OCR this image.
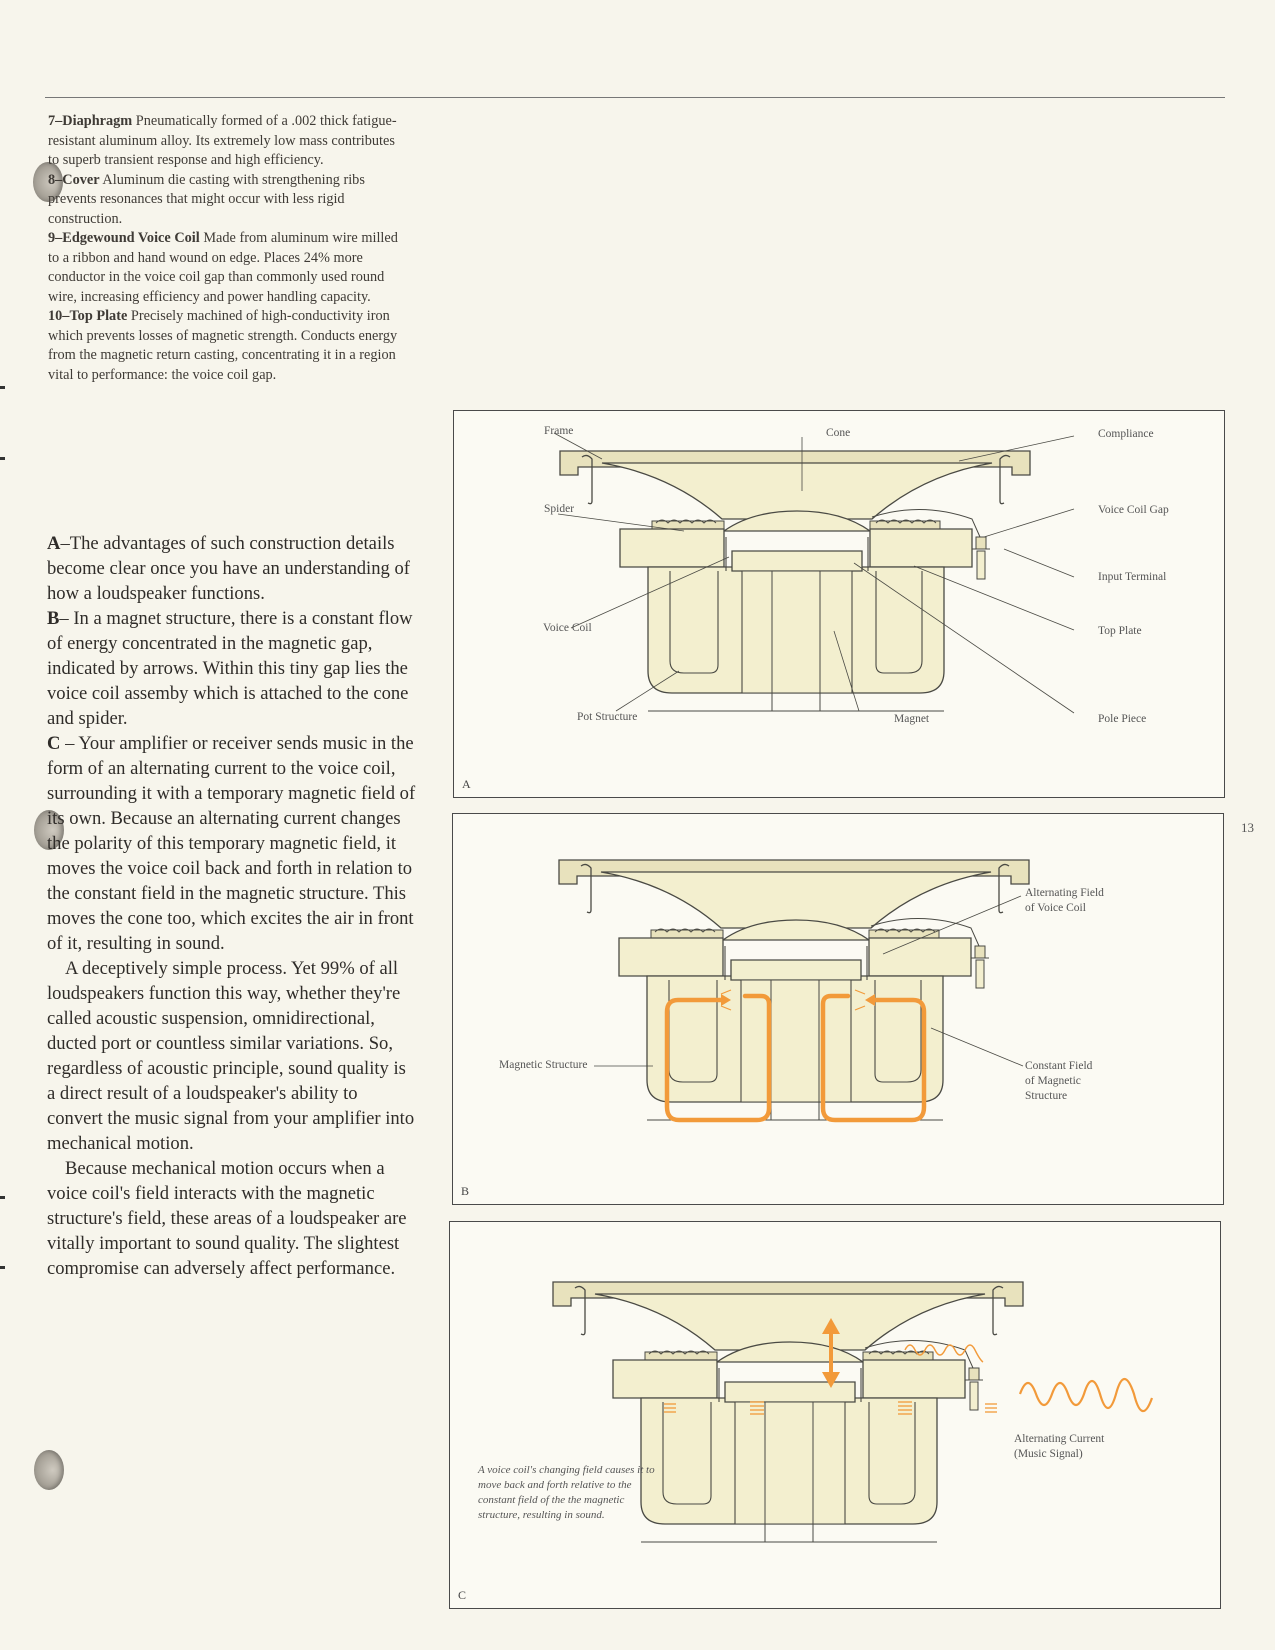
13

7–Diaphragm Pneumatically formed of a .002 thick fatigue-resistant aluminum alloy. Its extremely low mass contributes to superb transient response and high efficiency.

8–Cover Aluminum die casting with strengthening ribs prevents resonances that might occur with less rigid construction.

9–Edgewound Voice Coil Made from aluminum wire milled to a ribbon and hand wound on edge. Places 24% more conductor in the voice coil gap than commonly used round wire, increasing efficiency and power handling capacity.

10–Top Plate Precisely machined of high-conductivity iron which prevents losses of magnetic strength. Conducts energy from the magnetic return casting, concentrating it in a region vital to performance: the voice coil gap.

A–The advantages of such construction details become clear once you have an understanding of how a loudspeaker functions.

B– In a magnet structure, there is a constant flow of energy concentrated in the magnetic gap, indicated by arrows. Within this tiny gap lies the voice coil assemby which is attached to the cone and spider.

C – Your amplifier or receiver sends music in the form of an alternating current to the voice coil, surrounding it with a temporary magnetic field of its own. Because an alternating current changes the polarity of this temporary magnetic field, it moves the voice coil back and forth in relation to the constant field in the magnetic structure. This moves the cone too, which excites the air in front of it, resulting in sound.

A deceptively simple process. Yet 99% of all loudspeakers function this way, whether they're called acoustic suspension, omnidirectional, ducted port or countless similar variations. So, regardless of acoustic principle, sound quality is a direct result of a loudspeaker's ability to convert the music signal from your amplifier into mechanical motion.

Because mechanical motion occurs when a voice coil's field interacts with the magnetic structure's field, these areas of a loudspeaker are vitally important to sound quality. The slightest compromise can adversely affect performance.

Frame	Cone	Compliance
Spider	Voice Coil Gap
Input Terminal
Voice Coil	Top Plate
Pot Structure	Magnet	Pole Piece
A
Alternating Field
of Voice Coil
Magnetic Structure	Constant Field
of Magnetic
Structure
B
Alternating Current
(Music Signal)
A voice coil's changing field causes it to move back and forth relative to the constant field of the the magnetic structure, resulting in sound.
C
